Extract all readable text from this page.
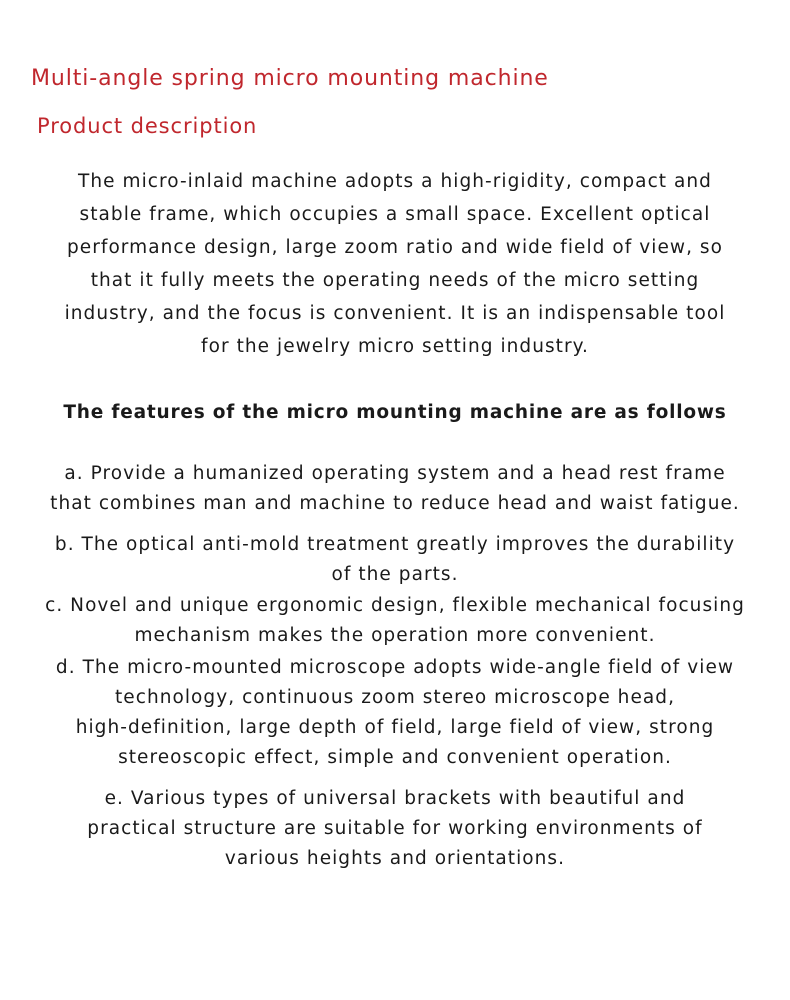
Multi-angle spring micro mounting machine
Product description
The micro-inlaid machine adopts a high-rigidity, compact and
stable frame, which occupies a small space. Excellent optical
performance design, large zoom ratio and wide field of view, so
that it fully meets the operating needs of the micro setting
industry, and the focus is convenient. It is an indispensable tool
for the jewelry micro setting industry.
The features of the micro mounting machine are as follows
a. Provide a humanized operating system and a head rest frame
that combines man and machine to reduce head and waist fatigue.
b. The optical anti-mold treatment greatly improves the durability
of the parts.
c. Novel and unique ergonomic design, flexible mechanical focusing
mechanism makes the operation more convenient.
d. The micro-mounted microscope adopts wide-angle field of view
technology, continuous zoom stereo microscope head,
high-definition, large depth of field, large field of view, strong
stereoscopic effect, simple and convenient operation.
e. Various types of universal brackets with beautiful and
practical structure are suitable for working environments of
various heights and orientations.
